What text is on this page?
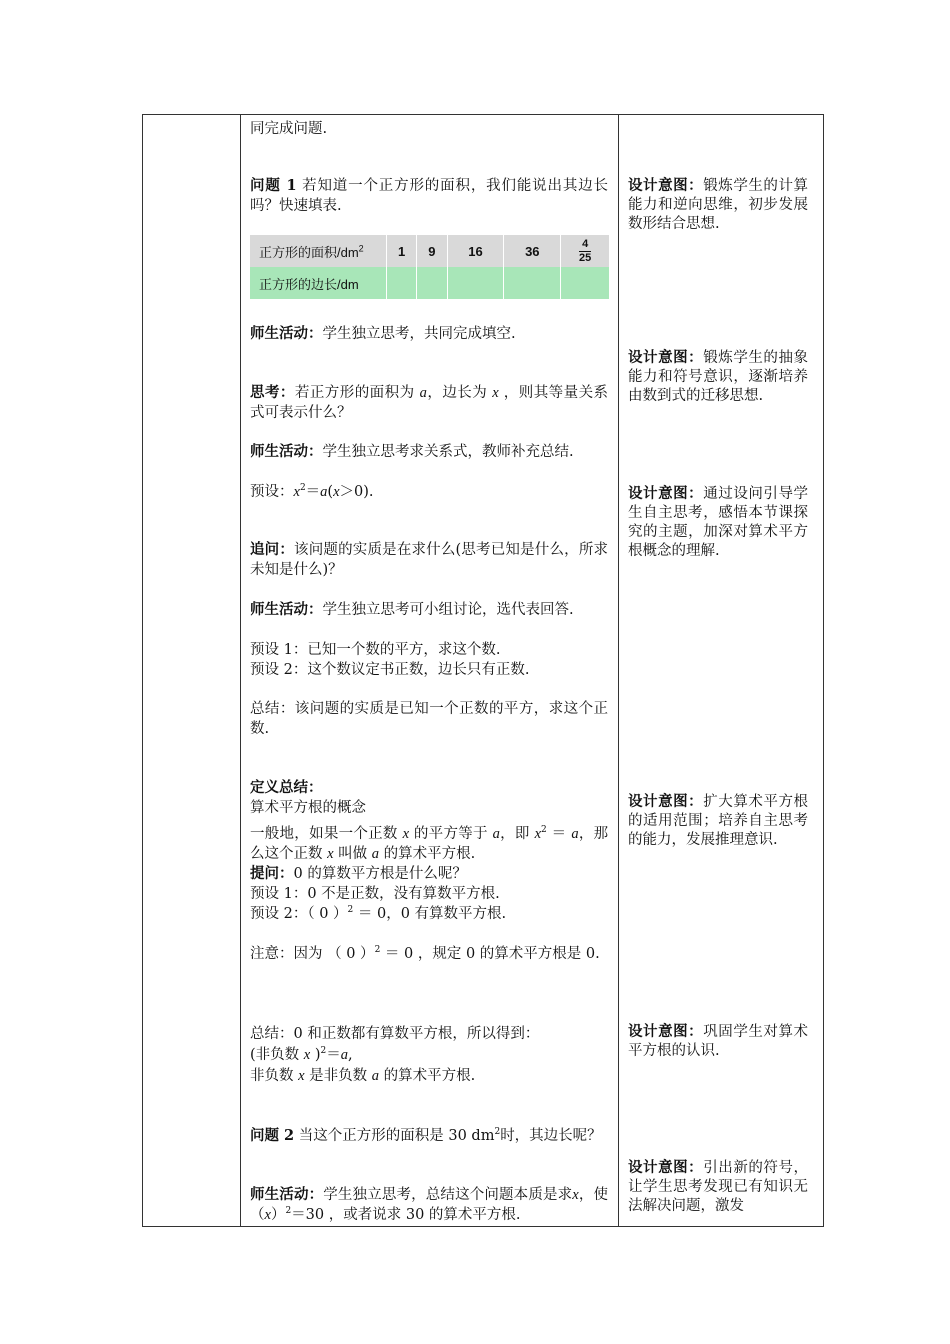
同完成问题.
问题 1 若知道一个正方形的面积，我们能说出其边长吗？快速填表.
正方形的面积$/dm^2$	1	9	16	36	$\frac{4}{25}$

正方形的边长/dm					
师生活动：学生独立思考，共同完成填空.
思考：若正方形的面积为 a，边长为 x ，则其等量关系式可表示什么？
师生活动：学生独立思考求关系式，教师补充总结.
预设：$x^2=a(x>0)$.
追问：该问题的实质是在求什么(思考已知是什么，所求未知是什么)？
师生活动：学生独立思考可小组讨论，选代表回答.
预设 1：已知一个数的平方，求这个数.
预设 2：这个数议定书正数，边长只有正数.
总结：该问题的实质是已知一个正数的平方，求这个正数.
定义总结：
算术平方根的概念
一般地，如果一个正数 x 的平方等于 a，即 $x^2 = a$，那么这个正数 x 叫做 a 的算术平方根.
提问：0 的算数平方根是什么呢？
预设 1：0 不是正数，没有算数平方根.
预设 2：（ 0 ）$^2$ ＝ 0，0 有算数平方根.
注意：因为 （ 0 ）$^2$ ＝ 0 ，规定 0 的算术平方根是 0.
总结：0 和正数都有算数平方根，所以得到：
(非负数 x )$^2$＝a,
非负数 x 是非负数 a 的算术平方根.
问题 2 当这个正方形的面积是 30 $dm^2$时，其边长呢？
师生活动：学生独立思考，总结这个问题本质是求x，使 $(x)^2=30$ ，或者说求 30 的算术平方根.
设计意图：锻炼学生的计算能力和逆向思维，初步发展数形结合思想.
设计意图：锻炼学生的抽象能力和符号意识，逐渐培养由数到式的迁移思想.
设计意图：通过设问引导学生自主思考，感悟本节课探究的主题，加深对算术平方根概念的理解.
设计意图：扩大算术平方根的适用范围；培养自主思考的能力，发展推理意识.
设计意图：巩固学生对算术平方根的认识.
设计意图：引出新的符号，让学生思考发现已有知识无法解决问题，激发
